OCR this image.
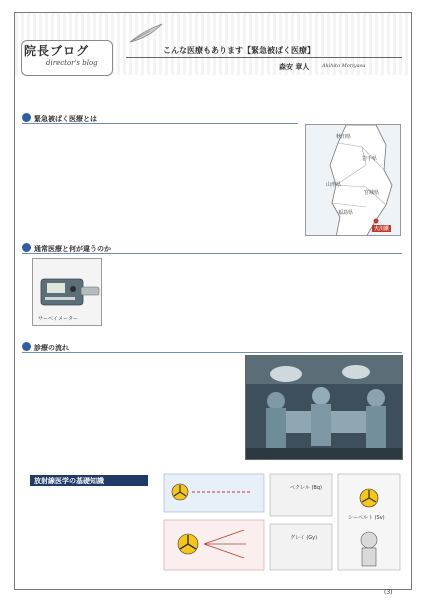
院長ブログ
director's blog
こんな医療もあります【緊急被ばく医療】
森安 章人	Akihito Moriyasu
緊急被ばく医療とは
秋田県
岩手県
宮城県
山形県
福島県
大川原
通常医療と何が違うのか
サーベイメーター
診療の流れ
放射線医学の基礎知識
ベクレル (Bq)
グレイ (Gy)
シーベルト (Sv)
(3)
